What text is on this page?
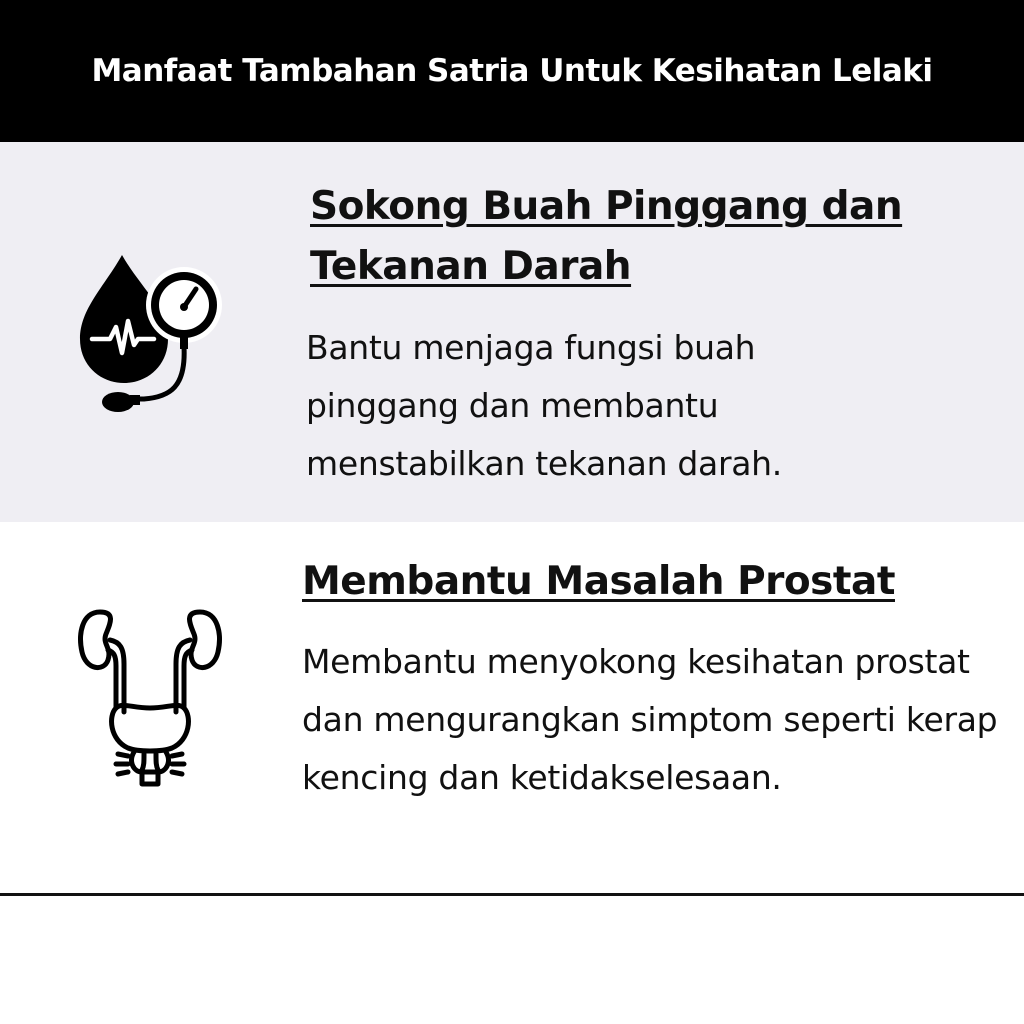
Manfaat Tambahan Satria Untuk Kesihatan Lelaki
Sokong Buah Pinggang dan Tekanan Darah

Bantu menjaga fungsi buah pinggang dan membantu menstabilkan tekanan darah.

Membantu Masalah Prostat

Membantu menyokong kesihatan prostat dan mengurangkan simptom seperti kerap kencing dan ketidakselesaan.
